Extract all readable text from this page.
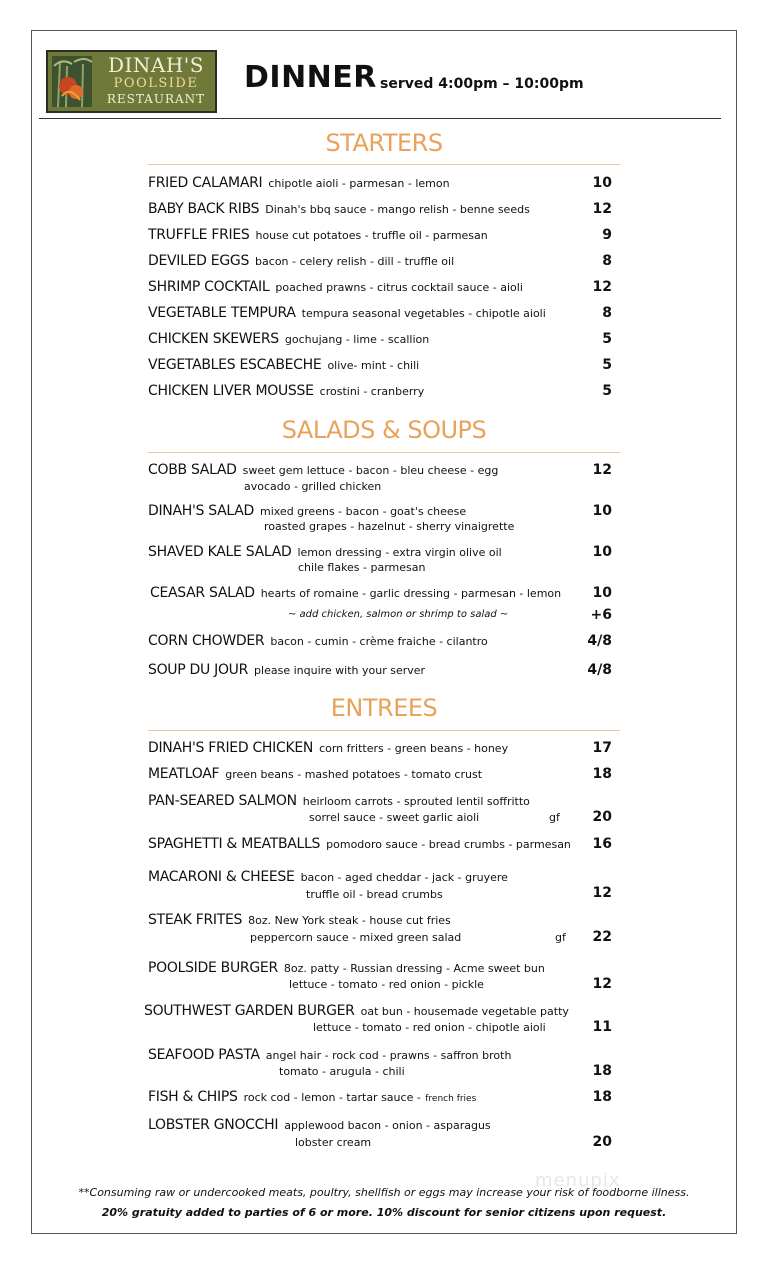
DINAH'S
POOLSIDE
RESTAURANT
DINNER served 4:00pm – 10:00pm
STARTERS
FRIED CALAMARI chipotle aioli - parmesan - lemon	10
BABY BACK RIBS Dinah's bbq sauce - mango relish - benne seeds	12
TRUFFLE FRIES house cut potatoes - truffle oil - parmesan	9
DEVILED EGGS bacon - celery relish - dill - truffle oil	8
SHRIMP COCKTAIL poached prawns - citrus cocktail sauce - aioli	12
VEGETABLE TEMPURA tempura seasonal vegetables - chipotle aioli	8
CHICKEN SKEWERS gochujang - lime - scallion	5
VEGETABLES ESCABECHE olive- mint - chili	5
CHICKEN LIVER MOUSSE crostini - cranberry	5
SALADS & SOUPS
COBB SALAD sweet gem lettuce - bacon - bleu cheese - egg
avocado - grilled chicken
12
DINAH'S SALAD mixed greens - bacon - goat's cheese
roasted grapes - hazelnut - sherry vinaigrette
10
SHAVED KALE SALAD lemon dressing - extra virgin olive oil
chile flakes - parmesan
10
CEASAR SALAD hearts of romaine - garlic dressing - parmesan - lemon	10
~ add chicken, salmon or shrimp to salad ~	+6
CORN CHOWDER bacon - cumin - crème fraiche - cilantro	4/8
SOUP DU JOUR please inquire with your server	4/8
ENTREES
DINAH'S FRIED CHICKEN corn fritters - green beans - honey	17
MEATLOAF green beans - mashed potatoes - tomato crust	18
PAN-SEARED SALMON heirloom carrots - sprouted lentil soffritto
sorrel sauce - sweet garlic aioli	gf	20
SPAGHETTI & MEATBALLS pomodoro sauce - bread crumbs - parmesan	16
MACARONI & CHEESE bacon - aged cheddar - jack - gruyere
truffle oil - bread crumbs	12
STEAK FRITES 8oz. New York steak - house cut fries
peppercorn sauce - mixed green salad	gf	22
POOLSIDE BURGER 8oz. patty - Russian dressing - Acme sweet bun
lettuce - tomato - red onion - pickle	12
SOUTHWEST GARDEN BURGER oat bun - housemade vegetable patty
lettuce - tomato - red onion - chipotle aioli	11
SEAFOOD PASTA angel hair - rock cod - prawns - saffron broth
tomato - arugula - chili	18
FISH & CHIPS rock cod - lemon - tartar sauce - french fries	18
LOBSTER GNOCCHI applewood bacon - onion - asparagus
lobster cream	20
menupix
**Consuming raw or undercooked meats, poultry, shellfish or eggs may increase your risk of foodborne illness.
20% gratuity added to parties of 6 or more. 10% discount for senior citizens upon request.
